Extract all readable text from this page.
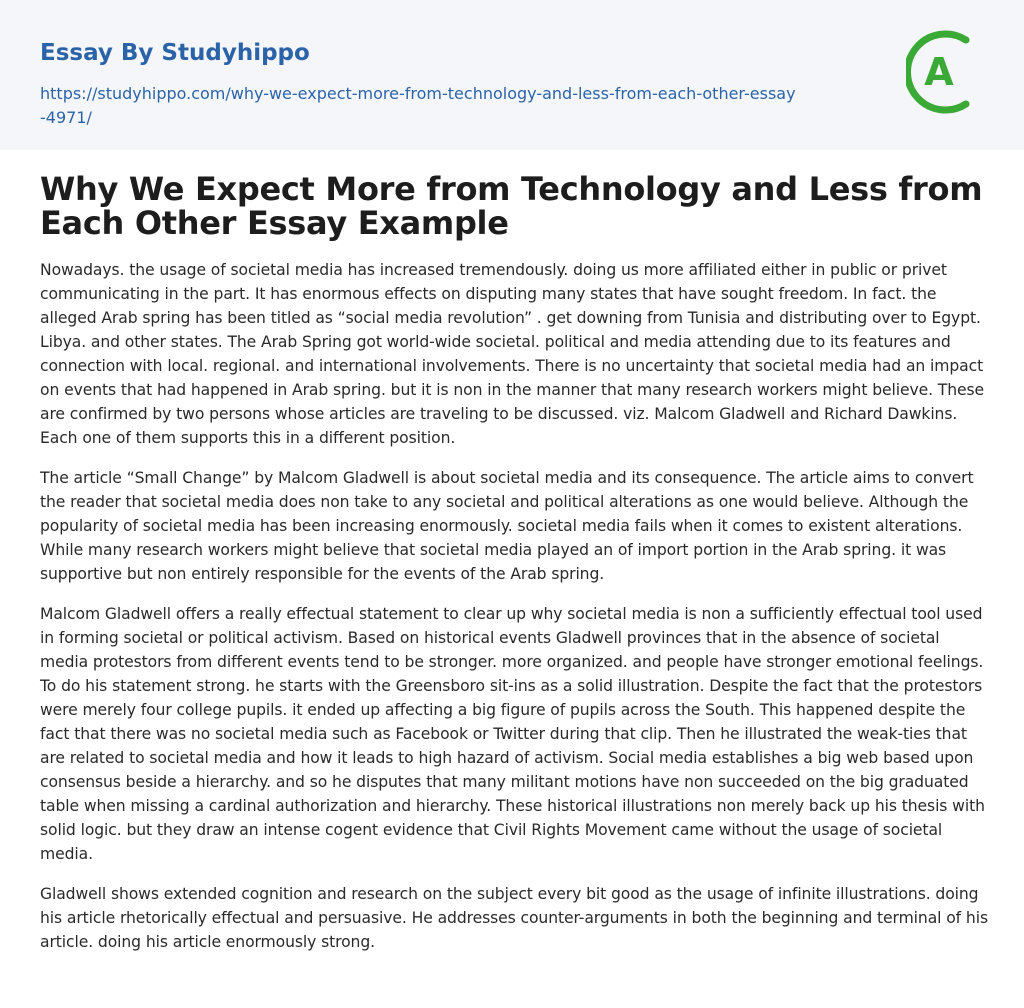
Essay By Studyhippo
https://studyhippo.com/why-we-expect-more-from-technology-and-less-from-each-other-essay-4971/
A
Why We Expect More from Technology and Less from Each Other Essay Example

Nowadays. the usage of societal media has increased tremendously. doing us more affiliated either in public or privet communicating in the part. It has enormous effects on disputing many states that have sought freedom. In fact. the alleged Arab spring has been titled as “social media revolution” . get downing from Tunisia and distributing over to Egypt. Libya. and other states. The Arab Spring got world-wide societal. political and media attending due to its features and connection with local. regional. and international involvements. There is no uncertainty that societal media had an impact on events that had happened in Arab spring. but it is non in the manner that many research workers might believe. These are confirmed by two persons whose articles are traveling to be discussed. viz. Malcom Gladwell and Richard Dawkins. Each one of them supports this in a different position.

The article “Small Change” by Malcom Gladwell is about societal media and its consequence. The article aims to convert the reader that societal media does non take to any societal and political alterations as one would believe. Although the popularity of societal media has been increasing enormously. societal media fails when it comes to existent alterations. While many research workers might believe that societal media played an of import portion in the Arab spring. it was supportive but non entirely responsible for the events of the Arab spring.

Malcom Gladwell offers a really effectual statement to clear up why societal media is non a sufficiently effectual tool used in forming societal or political activism. Based on historical events Gladwell provinces that in the absence of societal media protestors from different events tend to be stronger. more organized. and people have stronger emotional feelings. To do his statement strong. he starts with the Greensboro sit-ins as a solid illustration. Despite the fact that the protestors were merely four college pupils. it ended up affecting a big figure of pupils across the South. This happened despite the fact that there was no societal media such as Facebook or Twitter during that clip. Then he illustrated the weak-ties that are related to societal media and how it leads to high hazard of activism. Social media establishes a big web based upon consensus beside a hierarchy. and so he disputes that many militant motions have non succeeded on the big graduated table when missing a cardinal authorization and hierarchy. These historical illustrations non merely back up his thesis with solid logic. but they draw an intense cogent evidence that Civil Rights Movement came without the usage of societal media.

Gladwell shows extended cognition and research on the subject every bit good as the usage of infinite illustrations. doing his article rhetorically effectual and persuasive. He addresses counter-arguments in both the beginning and terminal of his article. doing his article enormously strong.
